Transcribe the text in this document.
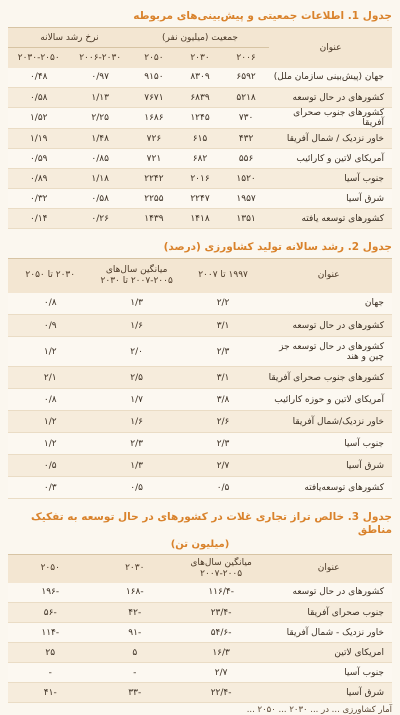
جدول 1. اطلاعات جمعیتی و پیش‌بینی‌های مربوطه
عنوان	جمعیت (میلیون نفر)			نرخ رشد سالانه	
	۲۰۰۶	۲۰۳۰	۲۰۵۰	۲۰۰۶-۲۰۳۰	۲۰۳۰-۲۰۵۰
جهان (پیش‌بینی سازمان ملل)	۶۵۹۲	۸۳۰۹	۹۱۵۰	۰/۹۷	۰/۴۸
کشورهای در حال توسعه	۵۲۱۸	۶۸۳۹	۷۶۷۱	۱/۱۳	۰/۵۸
کشورهای جنوب صحرای آفریقا	۷۳۰	۱۲۴۵	۱۶۸۶	۲/۲۵	۱/۵۲
خاور نزدیک / شمال آفریقا	۴۳۲	۶۱۵	۷۲۶	۱/۴۸	۱/۱۹
آمریکای لاتین و کارائیب	۵۵۶	۶۸۲	۷۲۱	۰/۸۵	۰/۵۹
جنوب آسیا	۱۵۲۰	۲۰۱۶	۲۲۴۲	۱/۱۸	۰/۸۹
شرق آسیا	۱۹۵۷	۲۲۴۷	۲۲۵۵	۰/۵۸	۰/۳۲
کشورهای توسعه یافته	۱۳۵۱	۱۴۱۸	۱۴۳۹	۰/۲۶	۰/۱۴
جدول 2. رشد سالانه تولید کشاورزی (درصد)
عنوان	۱۹۹۷ تا ۲۰۰۷	میانگین سال‌های ۲۰۰۵-۲۰۰۷ تا ۲۰۳۰	۲۰۳۰ تا ۲۰۵۰
جهان	۲/۲	۱/۳	۰/۸
کشورهای در حال توسعه	۳/۱	۱/۶	۰/۹
کشورهای در حال توسعه جز چین و هند	۲/۳	۲/۰	۱/۲
کشورهای جنوب صحرای آفریقا	۳/۱	۲/۵	۲/۱
آمریکای لاتین و حوزه کارائیب	۳/۸	۱/۷	۰/۸
خاور نزدیک/شمال آفریقا	۲/۶	۱/۶	۱/۲
جنوب آسیا	۲/۳	۲/۳	۱/۲
شرق آسیا	۲/۷	۱/۳	۰/۵
کشورهای توسعه‌یافته	۰/۵	۰/۵	۰/۳
جدول 3. خالص تراز تجاری غلات در کشورهای در حال توسعه به تفکیک مناطق
(میلیون تن)
عنوان	میانگین سال‌های ۲۰۰۵-۲۰۰۷	۲۰۳۰	۲۰۵۰
کشورهای در حال توسعه	-۱۱۶/۴	-۱۶۸	-۱۹۶
جنوب صحرای آفریقا	-۲۳/۴	-۴۲	-۵۶
خاور نزدیک - شمال آفریقا	-۵۴/۶	-۹۱	-۱۱۴
امریکای لاتین	۱۶/۳	۵	۲۵
جنوب آسیا	۲/۷	-	-
شرق آسیا	-۲۲/۴	-۳۳	-۴۱
آمار کشاورزی ... در ... ۲۰۳۰ ... ۲۰۵۰ ...
